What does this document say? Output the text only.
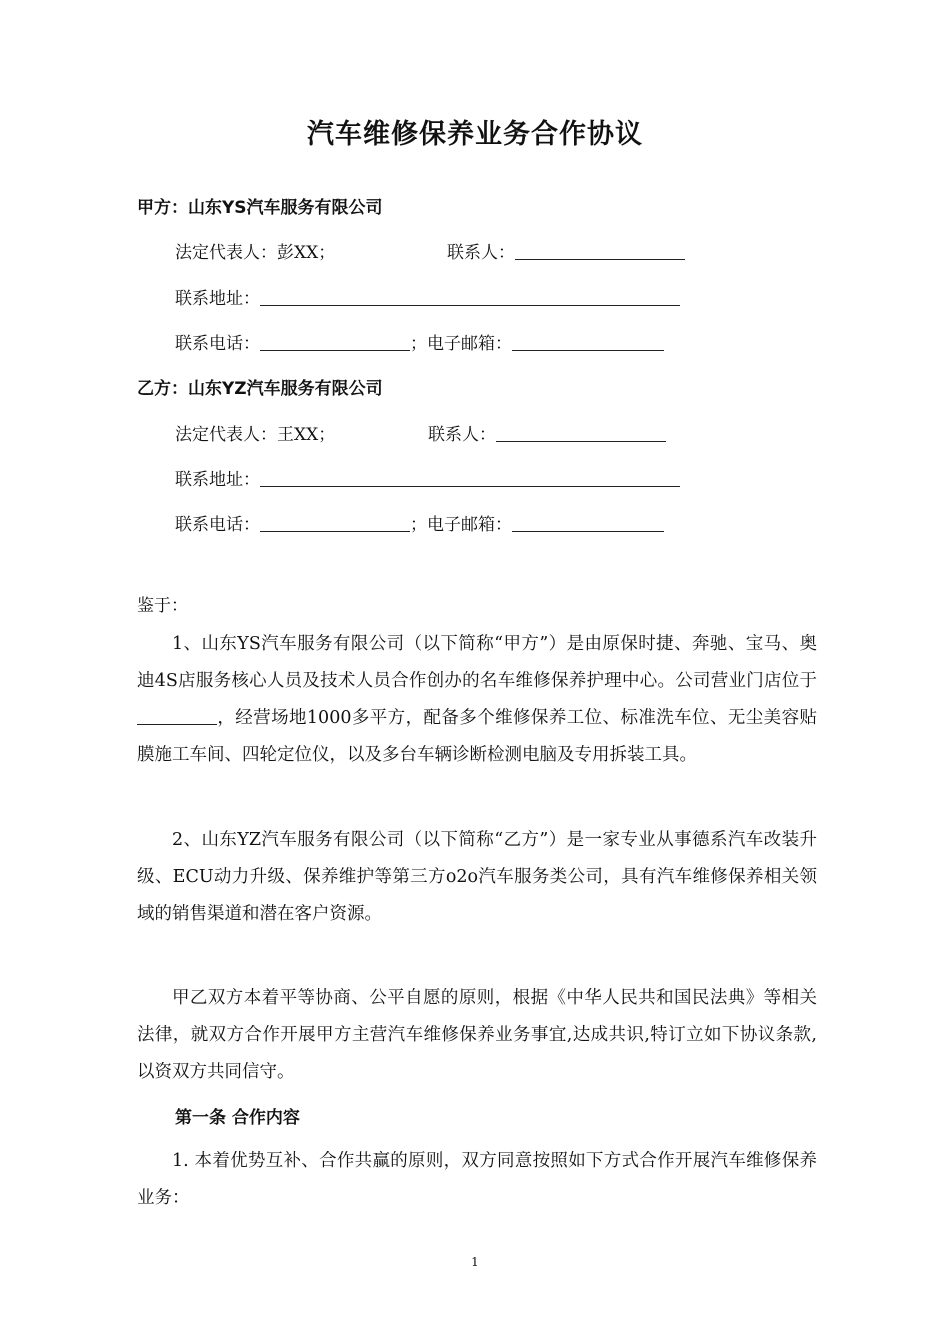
汽车维修保养业务合作协议
甲方：山东YS汽车服务有限公司
法定代表人：彭XX；	联系人：
联系地址：
联系电话：	；电子邮箱：
乙方：山东YZ汽车服务有限公司
法定代表人：王XX；	联系人：
联系地址：
联系电话：	；电子邮箱：
鉴于：
1、山东YS汽车服务有限公司（以下简称“甲方”）是由原保时捷、奔驰、宝马、奥迪4S店服务核心人员及技术人员合作创办的名车维修保养护理中心。公司营业门店位于，经营场地1000多平方，配备多个维修保养工位、标准洗车位、无尘美容贴膜施工车间、四轮定位仪，以及多台车辆诊断检测电脑及专用拆装工具。
2、山东YZ汽车服务有限公司（以下简称“乙方”）是一家专业从事德系汽车改装升级、ECU动力升级、保养维护等第三方o2o汽车服务类公司，具有汽车维修保养相关领域的销售渠道和潜在客户资源。
甲乙双方本着平等协商、公平自愿的原则，根据《中华人民共和国民法典》等相关法律，就双方合作开展甲方主营汽车维修保养业务事宜,达成共识,特订立如下协议条款,以资双方共同信守。
第一条 合作内容
1. 本着优势互补、合作共赢的原则，双方同意按照如下方式合作开展汽车维修保养业务：
1
